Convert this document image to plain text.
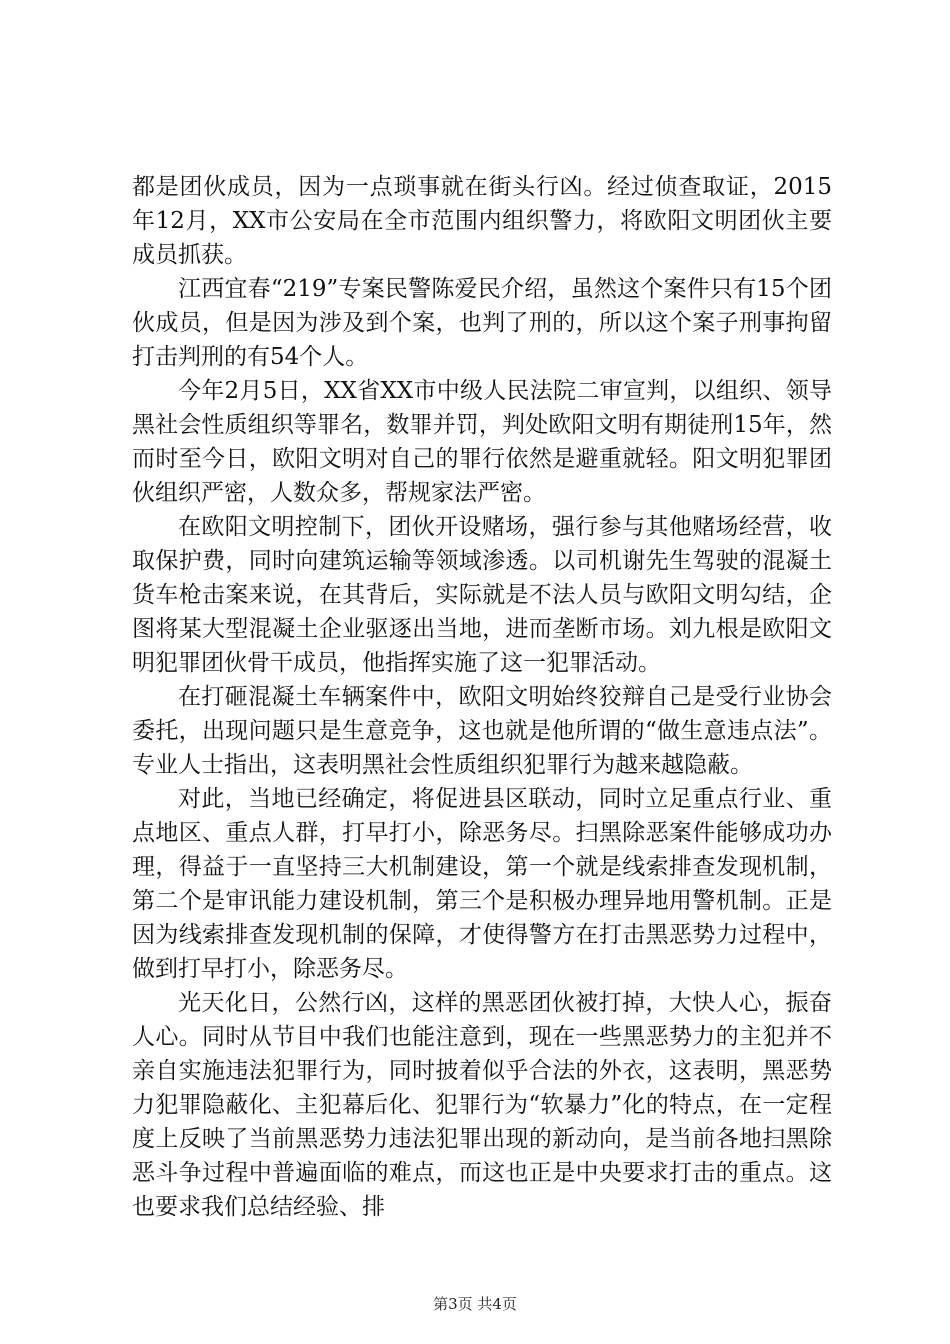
都是团伙成员，因为一点琐事就在街头行凶。经过侦查取证，2015年12月，XX市公安局在全市范围内组织警力，将欧阳文明团伙主要成员抓获。

江西宜春“219”专案民警陈爱民介绍，虽然这个案件只有15个团伙成员，但是因为涉及到个案，也判了刑的，所以这个案子刑事拘留打击判刑的有54个人。

今年2月5日，XX省XX市中级人民法院二审宣判，以组织、领导黑社会性质组织等罪名，数罪并罚，判处欧阳文明有期徒刑15年，然而时至今日，欧阳文明对自己的罪行依然是避重就轻。阳文明犯罪团伙组织严密，人数众多，帮规家法严密。

在欧阳文明控制下，团伙开设赌场，强行参与其他赌场经营，收取保护费，同时向建筑运输等领域渗透。以司机谢先生驾驶的混凝土货车枪击案来说，在其背后，实际就是不法人员与欧阳文明勾结，企图将某大型混凝土企业驱逐出当地，进而垄断市场。刘九根是欧阳文明犯罪团伙骨干成员，他指挥实施了这一犯罪活动。

在打砸混凝土车辆案件中，欧阳文明始终狡辩自己是受行业协会委托，出现问题只是生意竞争，这也就是他所谓的“做生意违点法”。专业人士指出，这表明黑社会性质组织犯罪行为越来越隐蔽。

对此，当地已经确定，将促进县区联动，同时立足重点行业、重点地区、重点人群，打早打小，除恶务尽。扫黑除恶案件能够成功办理，得益于一直坚持三大机制建设，第一个就是线索排查发现机制，第二个是审讯能力建设机制，第三个是积极办理异地用警机制。正是因为线索排查发现机制的保障，才使得警方在打击黑恶势力过程中，做到打早打小，除恶务尽。

光天化日，公然行凶，这样的黑恶团伙被打掉，大快人心，振奋人心。同时从节目中我们也能注意到，现在一些黑恶势力的主犯并不亲自实施违法犯罪行为，同时披着似乎合法的外衣，这表明，黑恶势力犯罪隐蔽化、主犯幕后化、犯罪行为“软暴力”化的特点，在一定程度上反映了当前黑恶势力违法犯罪出现的新动向，是当前各地扫黑除恶斗争过程中普遍面临的难点，而这也正是中央要求打击的重点。这也要求我们总结经验、排

第3页 共4页
